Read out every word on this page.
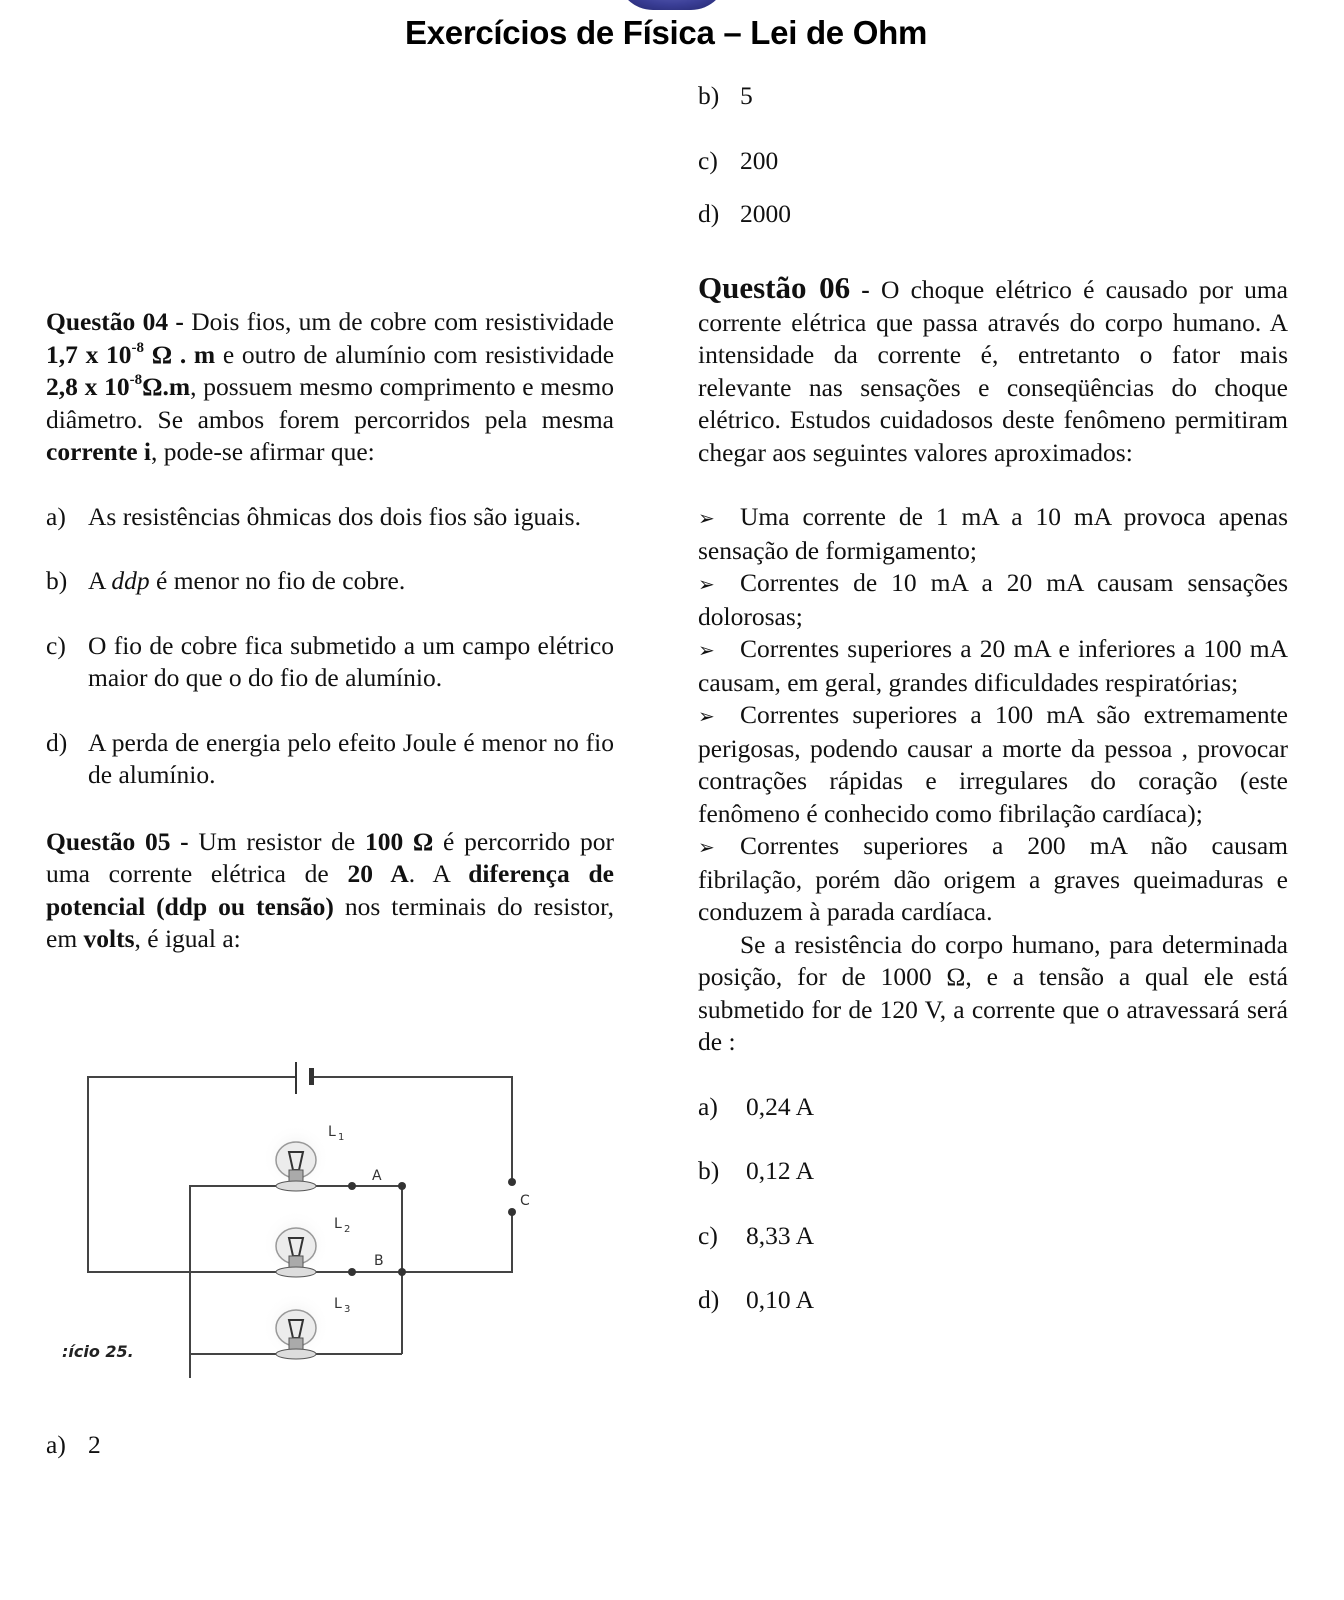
Exercícios de Física – Lei de Ohm
b) 5
c) 200
d) 2000

Questão 04 - Dois fios, um de cobre com resistividade 1,7 x $10^{-8}$ Ω . m e outro de alumínio com resistividade 2,8 x $10^{-8}\Omega.m$, possuem mesmo comprimento e mesmo diâmetro. Se ambos forem percorridos pela mesma corrente i, pode-se afirmar que:

a) As resistências ôhmicas dos dois fios são iguais.
b) A ddp é menor no fio de cobre.
c) O fio de cobre fica submetido a um campo elétrico maior do que o do fio de alumínio.
d) A perda de energia pelo efeito Joule é menor no fio de alumínio.

Questão 05 - Um resistor de 100 Ω é percorrido por uma corrente elétrica de 20 A. A diferença de potencial (ddp ou tensão) nos terminais do resistor, em volts, é igual a:

L 1
L 2
L 3
A
B
C
:ício 25.
a) 2

Questão 06 - O choque elétrico é causado por uma corrente elétrica que passa através do corpo humano. A intensidade da corrente é, entretanto o fator mais relevante nas sensações e conseqüências do choque elétrico. Estudos cuidadosos deste fenômeno permitiram chegar aos seguintes valores aproximados:

➢ Uma corrente de 1 mA a 10 mA provoca apenas sensação de formigamento;

➢ Correntes de 10 mA a 20 mA causam sensações dolorosas;

➢ Correntes superiores a 20 mA e inferiores a 100 mA causam, em geral, grandes dificuldades respiratórias;

➢ Correntes superiores a 100 mA são extremamente perigosas, podendo causar a morte da pessoa , provocar contrações rápidas e irregulares do coração (este fenômeno é conhecido como fibrilação cardíaca);

➢ Correntes superiores a 200 mA não causam fibrilação, porém dão origem a graves queimaduras e conduzem à parada cardíaca.

Se a resistência do corpo humano, para determinada posição, for de 1000 Ω, e a tensão a qual ele está submetido for de 120 V, a corrente que o atravessará será de :

a)	0,24 A
b)	0,12 A
c)	8,33 A
d)	0,10 A
